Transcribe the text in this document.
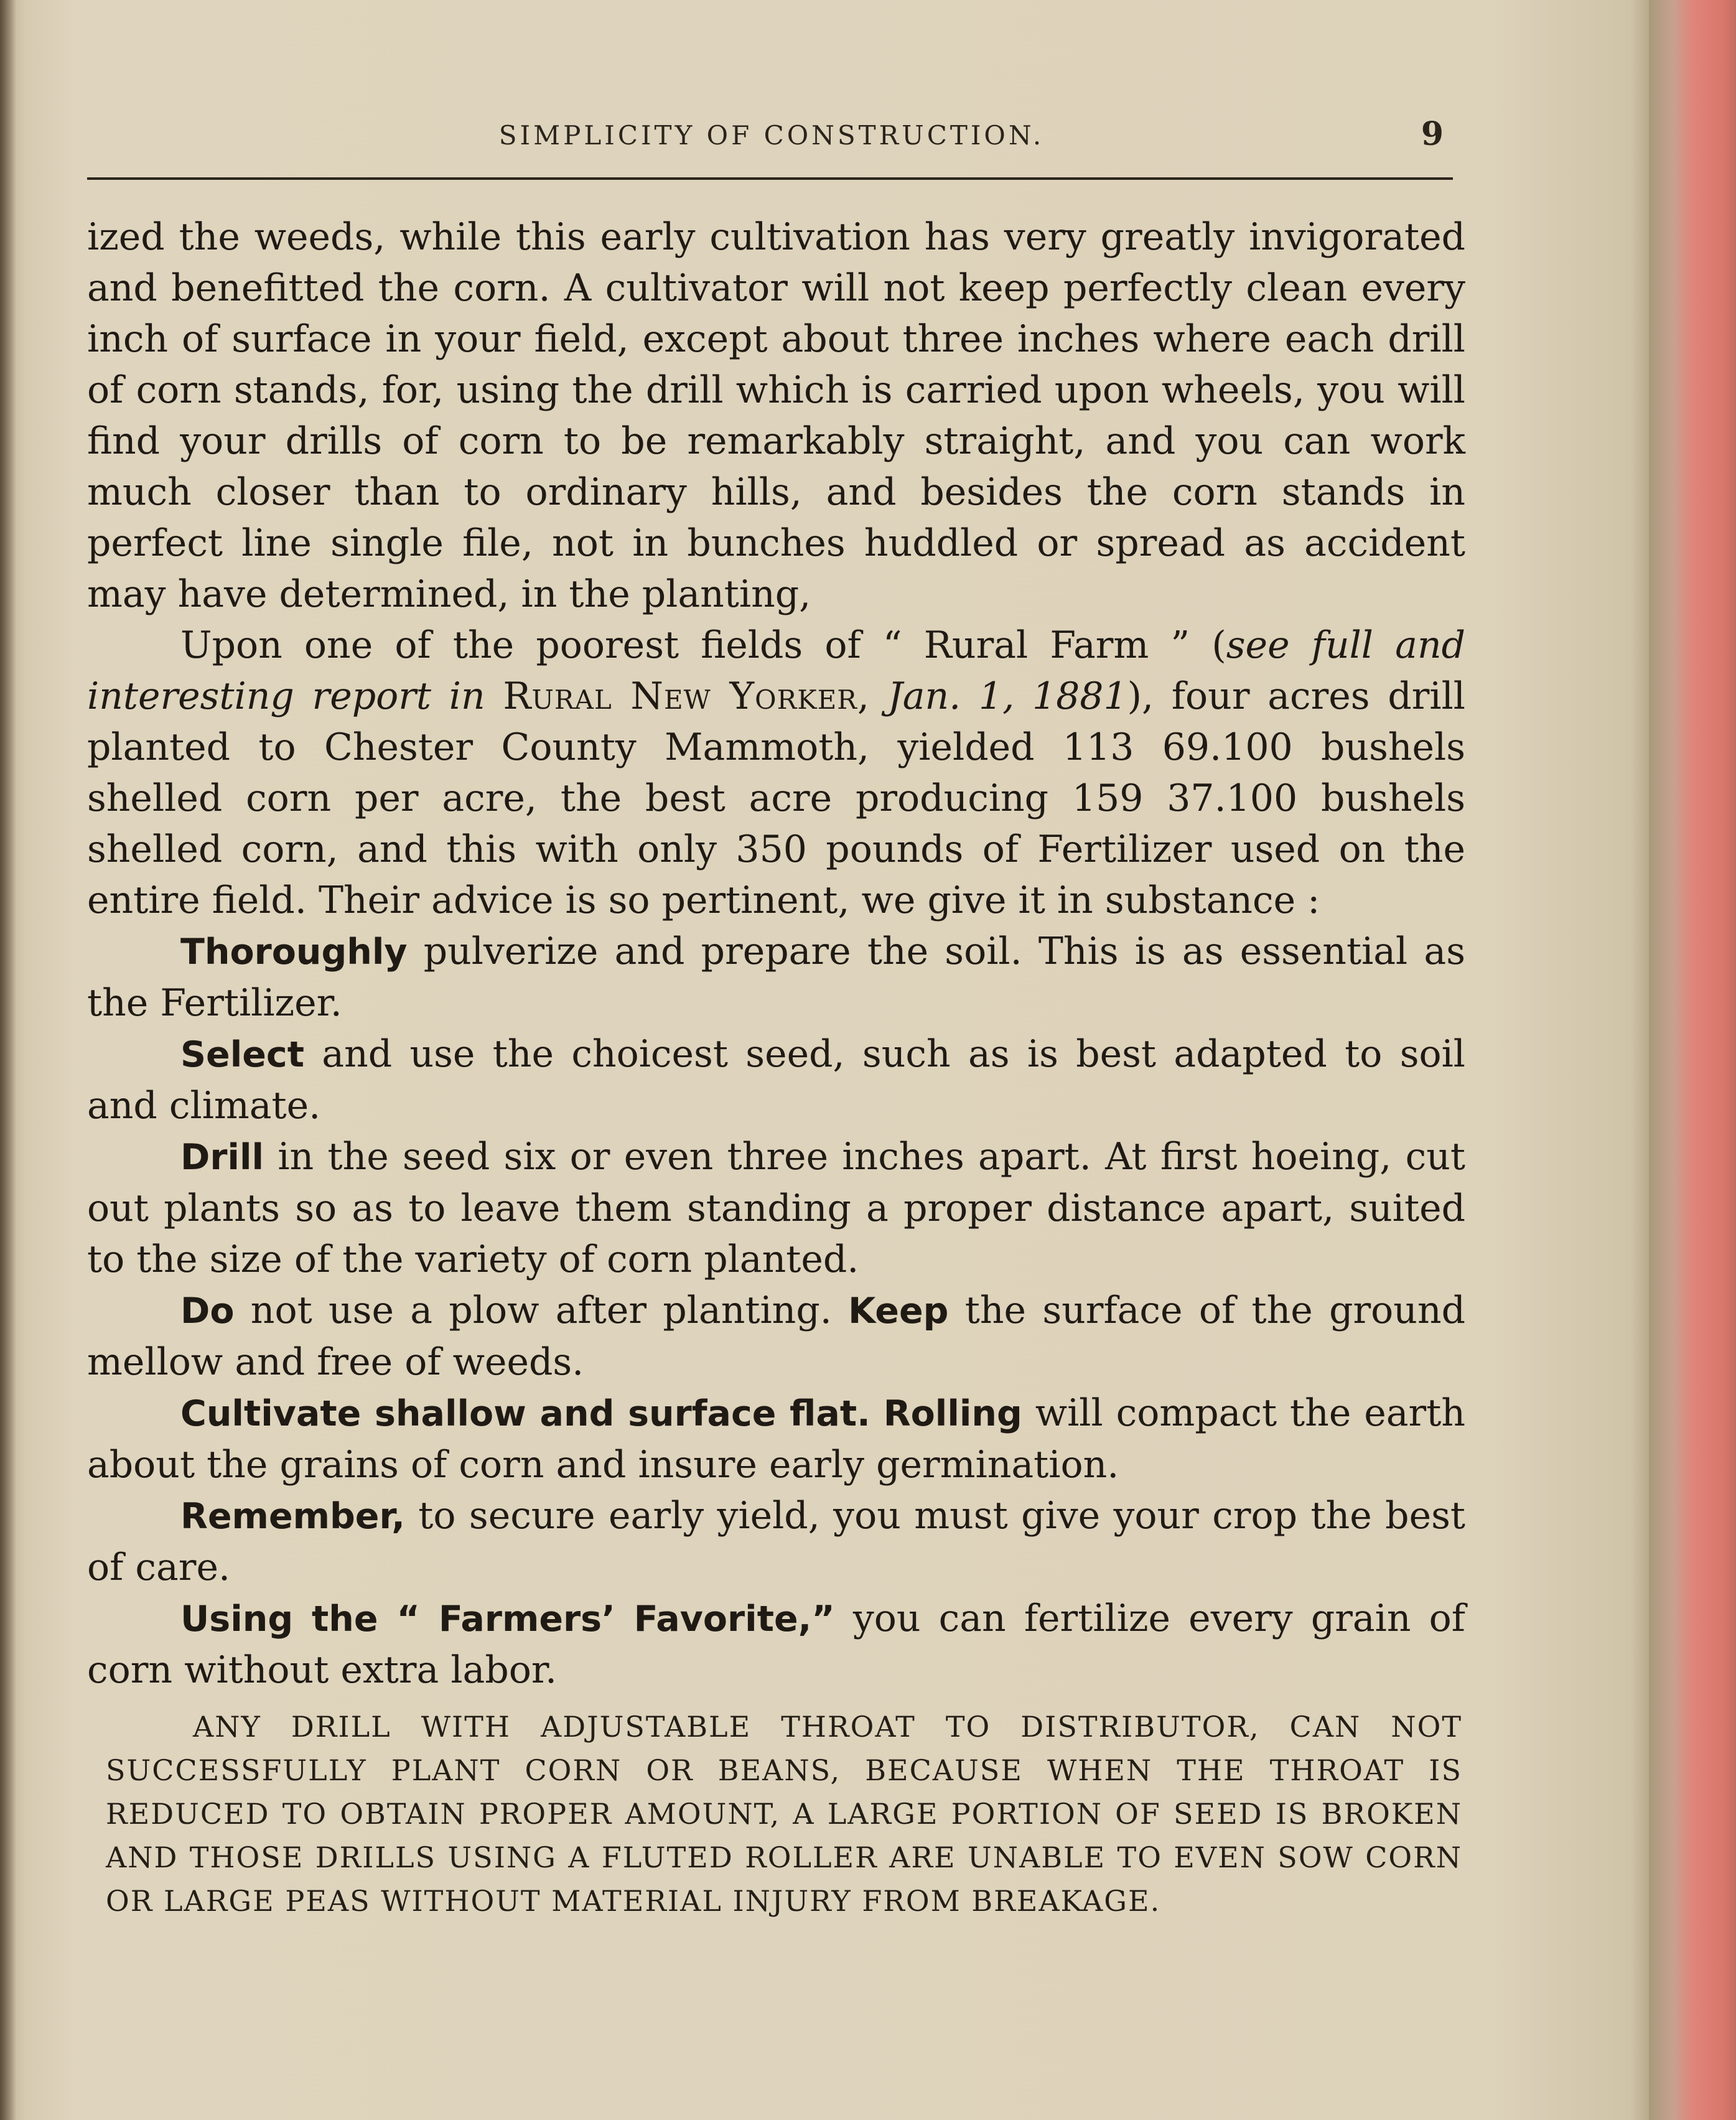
SIMPLICITY OF CONSTRUCTION.	9

ized the weeds, while this early cultivation has very greatly invigorated and benefitted the corn. A cultivator will not keep perfectly clean every inch of surface in your field, except about three inches where each drill of corn stands, for, using the drill which is carried upon wheels, you will find your drills of corn to be remarkably straight, and you can work much closer than to ordinary hills, and besides the corn stands in perfect line single file, not in bunches huddled or spread as accident may have determined, in the planting,

Upon one of the poorest fields of “ Rural Farm ” (see full and interesting report in Rural New Yorker, Jan. 1, 1881), four acres drill planted to Chester County Mammoth, yielded 113 69.100 bushels shelled corn per acre, the best acre producing 159 37.100 bushels shelled corn, and this with only 350 pounds of Fertilizer used on the entire field. Their advice is so pertinent, we give it in substance :

Thoroughly pulverize and prepare the soil. This is as essential as the Fertilizer.

Select and use the choicest seed, such as is best adapted to soil and climate.

Drill in the seed six or even three inches apart. At first hoeing, cut out plants so as to leave them standing a proper distance apart, suited to the size of the variety of corn planted.

Do not use a plow after planting. Keep the surface of the ground mellow and free of weeds.

Cultivate shallow and surface flat. Rolling will compact the earth about the grains of corn and insure early germination.

Remember, to secure early yield, you must give your crop the best of care.

Using the “ Farmers’ Favorite,” you can fertilize every grain of corn without extra labor.

ANY DRILL WITH ADJUSTABLE THROAT TO DISTRIBUTOR, CAN NOT SUCCESSFULLY PLANT CORN OR BEANS, BECAUSE WHEN THE THROAT IS REDUCED TO OBTAIN PROPER AMOUNT, A LARGE PORTION OF SEED IS BROKEN AND THOSE DRILLS USING A FLUTED ROLLER ARE UNABLE TO EVEN SOW CORN OR LARGE PEAS WITHOUT MATERIAL INJURY FROM BREAKAGE.
